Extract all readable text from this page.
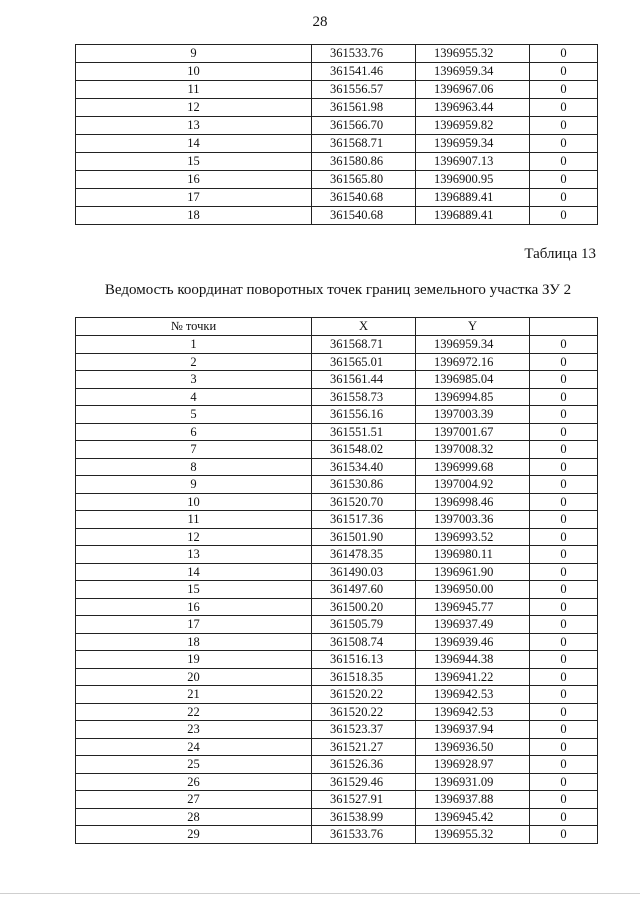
28
9	361533.76	1396955.32	0
10	361541.46	1396959.34	0
11	361556.57	1396967.06	0
12	361561.98	1396963.44	0
13	361566.70	1396959.82	0
14	361568.71	1396959.34	0
15	361580.86	1396907.13	0
16	361565.80	1396900.95	0
17	361540.68	1396889.41	0
18	361540.68	1396889.41	0
Таблица 13
Ведомость координат поворотных точек границ земельного участка ЗУ 2
№ точки	X	Y	
1	361568.71	1396959.34	0
2	361565.01	1396972.16	0
3	361561.44	1396985.04	0
4	361558.73	1396994.85	0
5	361556.16	1397003.39	0
6	361551.51	1397001.67	0
7	361548.02	1397008.32	0
8	361534.40	1396999.68	0
9	361530.86	1397004.92	0
10	361520.70	1396998.46	0
11	361517.36	1397003.36	0
12	361501.90	1396993.52	0
13	361478.35	1396980.11	0
14	361490.03	1396961.90	0
15	361497.60	1396950.00	0
16	361500.20	1396945.77	0
17	361505.79	1396937.49	0
18	361508.74	1396939.46	0
19	361516.13	1396944.38	0
20	361518.35	1396941.22	0
21	361520.22	1396942.53	0
22	361520.22	1396942.53	0
23	361523.37	1396937.94	0
24	361521.27	1396936.50	0
25	361526.36	1396928.97	0
26	361529.46	1396931.09	0
27	361527.91	1396937.88	0
28	361538.99	1396945.42	0
29	361533.76	1396955.32	0
